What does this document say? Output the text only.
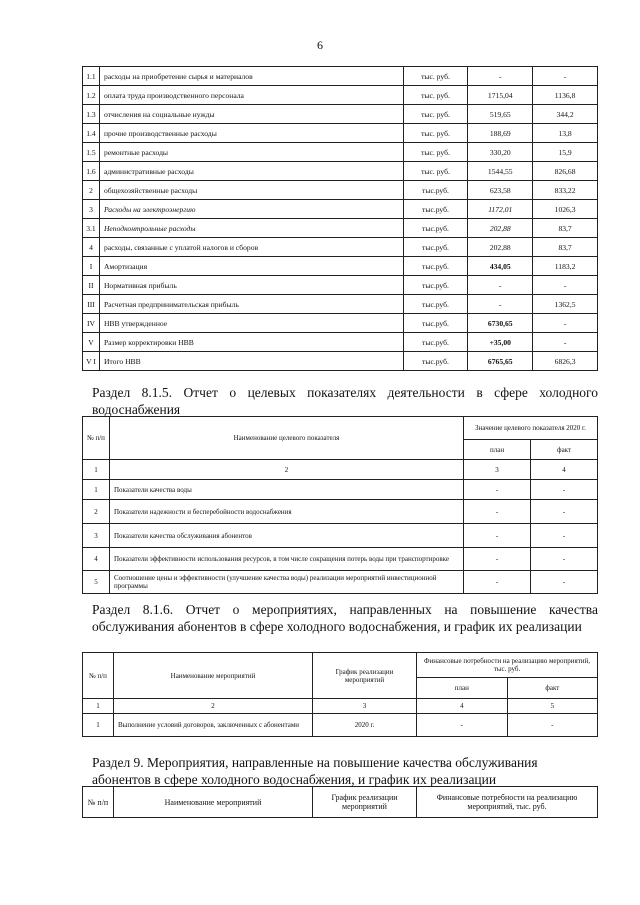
6
1.1	расходы на приобретение сырья и материалов	тыс. руб.	-	-
1.2	оплата труда производственного персонала	тыс. руб.	1715,04	1136,8
1.3	отчисления на социальные нужды	тыс. руб.	519,65	344,2
1.4	прочие производственные расходы	тыс. руб.	188,69	13,8
1.5	ремонтные расходы	тыс. руб.	330,20	15,9
1.6	административные расходы	тыс. руб.	1544,55	826,68
2	общехозяйственные расходы	тыс.руб.	623,58	833,22
3	Расходы на электроэнергию	тыс.руб.	1172,01	1026,3
3.1	Неподконтрольные расходы	тыс.руб.	202,88	83,7
4	расходы, связанные с уплатой налогов и сборов	тыс.руб.	202,88	83,7
I	Амортизация	тыс.руб.	434,05	1183,2
II	Нормативная прибыль	тыс.руб.	-	-
III	Расчетная предпринимательская прибыль	тыс.руб.	-	1362,5
IV	НВВ утвержденное	тыс.руб.	6730,65	-
V	Размер корректировки НВВ	тыс.руб.	+35,00	-
V I	Итого НВВ	тыс.руб.	6765,65	6826,3
Раздел 8.1.5. Отчет о целевых показателях деятельности в сфере холодного водоснабжения
№ п/п	Наименование целевого показателя	Значение целевого показателя 2020 г.	
		план	факт
1	2	3	4
1	Показатели качества воды	-	-
2	Показатели надежности и бесперебойности водоснабжения	-	-
3	Показатели качества обслуживания абонентов	-	-
4	Показатели эффективности использования ресурсов, в том числе сокращения потерь воды при транспортировке	-	-
5	Соотношение цены и эффективности (улучшение качества воды) реализации мероприятий инвестиционной программы	-	-
Раздел 8.1.6. Отчет о мероприятиях, направленных на повышение качества обслуживания абонентов в сфере холодного водоснабжения, и график их реализации
№ п/п	Наименование мероприятий	График реализации мероприятий	Финансовые потребности на реализацию мероприятий, тыс. руб.	
			план	факт
1	2	3	4	5
1	Выполнение условий договоров, заключенных с абонентами	2020 г.	-	-
Раздел 9. Мероприятия, направленные на повышение качества обслуживания абонентов в сфере холодного водоснабжения, и график их реализации
№ п/п	Наименование мероприятий	График реализации мероприятий	Финансовые потребности на реализацию мероприятий, тыс. руб.
